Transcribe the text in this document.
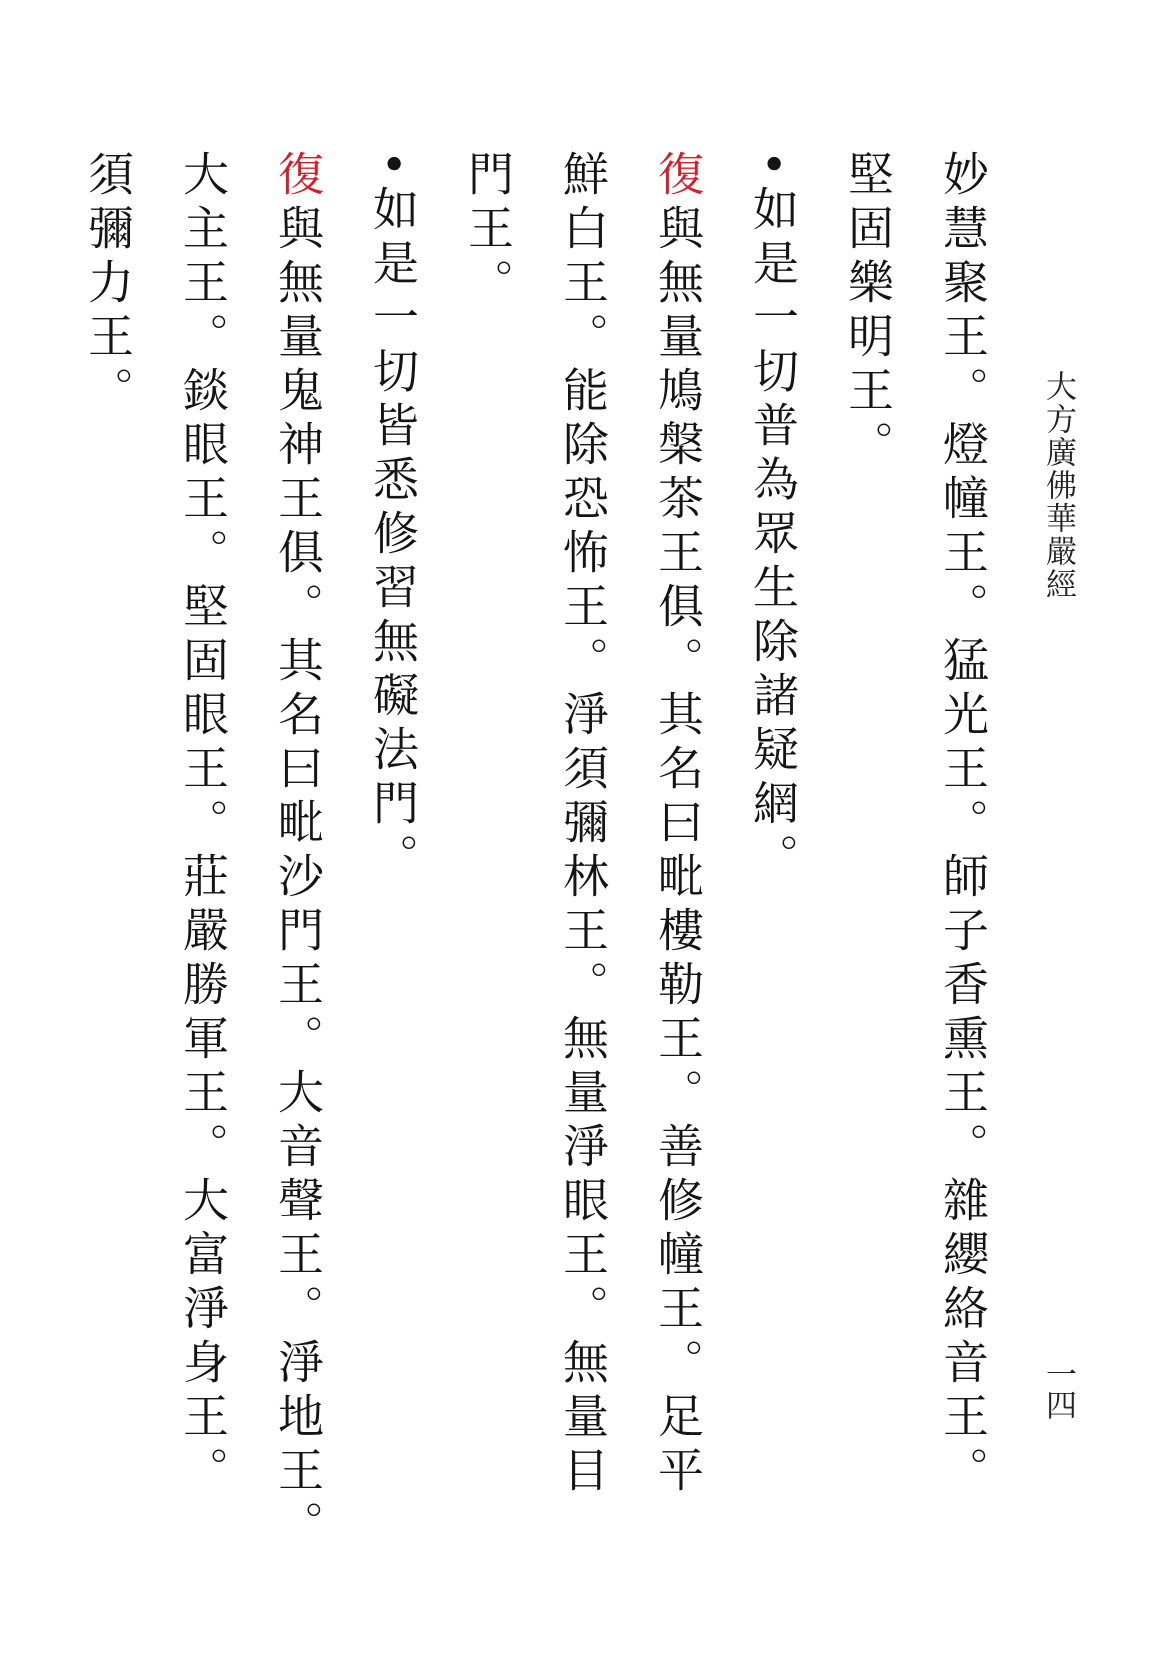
大方廣佛華嚴經
一四
妙慧聚王。燈幢王。猛光王。師子香熏王。雜纓絡音王。
堅固樂明王。
•如是一切普為眾生除諸疑網。
復與無量鳩槃茶王俱。其名曰毗樓勒王。善修幢王。足平
鮮白王。能除恐怖王。淨須彌林王。無量淨眼王。無量目
門王。
•如是一切皆悉修習無礙法門。
復與無量鬼神王俱。其名曰毗沙門王。大音聲王。淨地王。
大主王。錟眼王。堅固眼王。莊嚴勝軍王。大富淨身王。
須彌力王。
